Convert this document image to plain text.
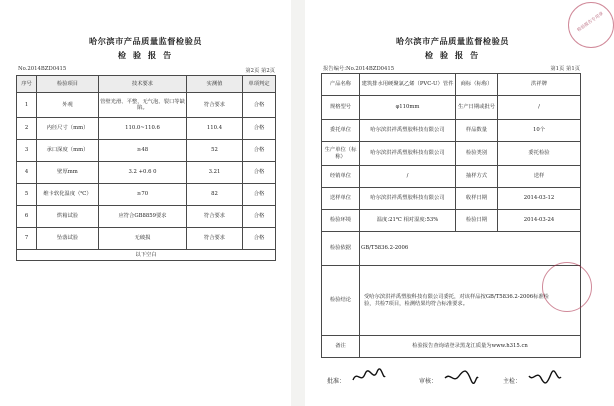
哈尔滨市产品质量监督检验员
检 验 报 告
No.2014BZD0415	第2页 第2页
序号	检验项目	技术要求	实测值	单项判定
1	外观	管壁光滑、平整，无气泡、裂口等缺陷。	符合要求	合格
2	内径尺寸（mm）	110.0~110.6	110.4	合格
3	承口深度（mm）	≥48	52	合格
4	壁厚mm	3.2 +0.6 0	3.21	合格
5	维卡软化温度（℃）	≥70	82	合格
6	烘箱试验	应符合GB8859要求	符合要求	合格
7	坠落试验	无破损	符合要求	合格
以下空白				
检验报告专用章
哈尔滨市产品质量监督检验员
检 验 报 告
报告编号:No.2014BZD0415	第1页 第1页
产品名称	建筑排水用硬聚氯乙烯（PVC-U）管件	商标（标称）	洪祥牌
规格型号	φ110mm	生产日期或批号	/
委托单位	哈尔滨洪祥禹塑胶科技有限公司	样品数量	10个
生产单位（标称）	哈尔滨洪祥禹塑胶科技有限公司	检验类别	委托检验
经销单位	/	抽样方式	送样
送样单位	哈尔滨洪祥禹塑胶科技有限公司	收样日期	2014-03-12
检验环境	温度:21℃ 相对湿度:53%	检验日期	2014-03-24
检验依据	GB/T5836.2-2006		
检验结论	受哈尔滨洪祥禹塑胶科技有限公司委托，对该样品按GB/T5836.2-2006标准检验，共检7项目，检测结果均符合标准要求。		
备注	检验报告查询请登录黑龙江质量为www.h315.cn		
批准：	审核：	主检：
